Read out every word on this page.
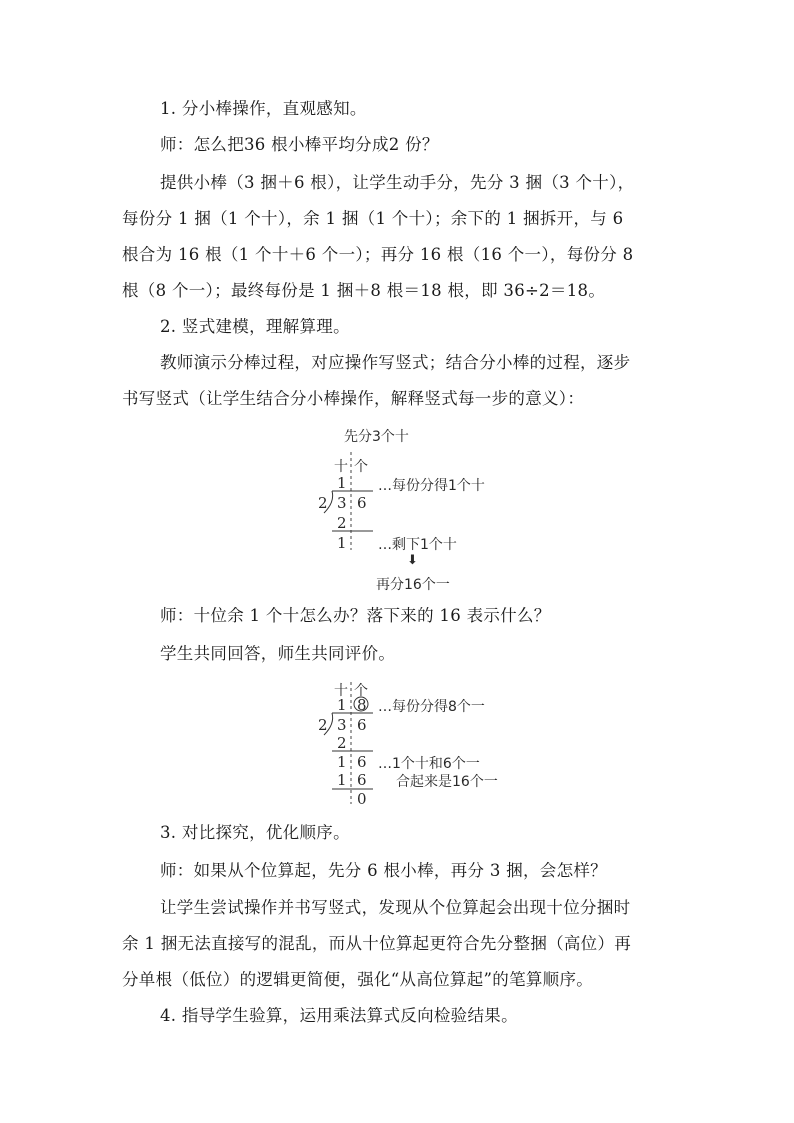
1. 分小棒操作，直观感知。

师：怎么把36 根小棒平均分成2 份？

提供小棒（3 捆＋6 根），让学生动手分，先分 3 捆（3 个十），

每份分 1 捆（1 个十），余 1 捆（1 个十）；余下的 1 捆拆开，与 6

根合为 16 根（1 个十＋6 个一）；再分 16 根（16 个一），每份分 8

根（8 个一）；最终每份是 1 捆＋8 根＝18 根，即 36÷2＝18。

2. 竖式建模，理解算理。

教师演示分棒过程，对应操作写竖式；结合分小棒的过程，逐步

书写竖式（让学生结合分小棒操作，解释竖式每一步的意义）：

先分3个十
十 个
1 …每份分得1个十
2 3 6
2
1 …剩下1个十
⬇
再分16个一

师：十位余 1 个十怎么办？落下来的 16 表示什么？

学生共同回答，师生共同评价。

十 个
1 8 …每份分得8个一
2 3 6
2
1 6 …1个十和6个一
1 6 合起来是16个一
0

3. 对比探究，优化顺序。

师：如果从个位算起，先分 6 根小棒，再分 3 捆，会怎样？

让学生尝试操作并书写竖式，发现从个位算起会出现十位分捆时

余 1 捆无法直接写的混乱，而从十位算起更符合先分整捆（高位）再

分单根（低位）的逻辑更简便，强化“从高位算起”的笔算顺序。

4. 指导学生验算，运用乘法算式反向检验结果。
